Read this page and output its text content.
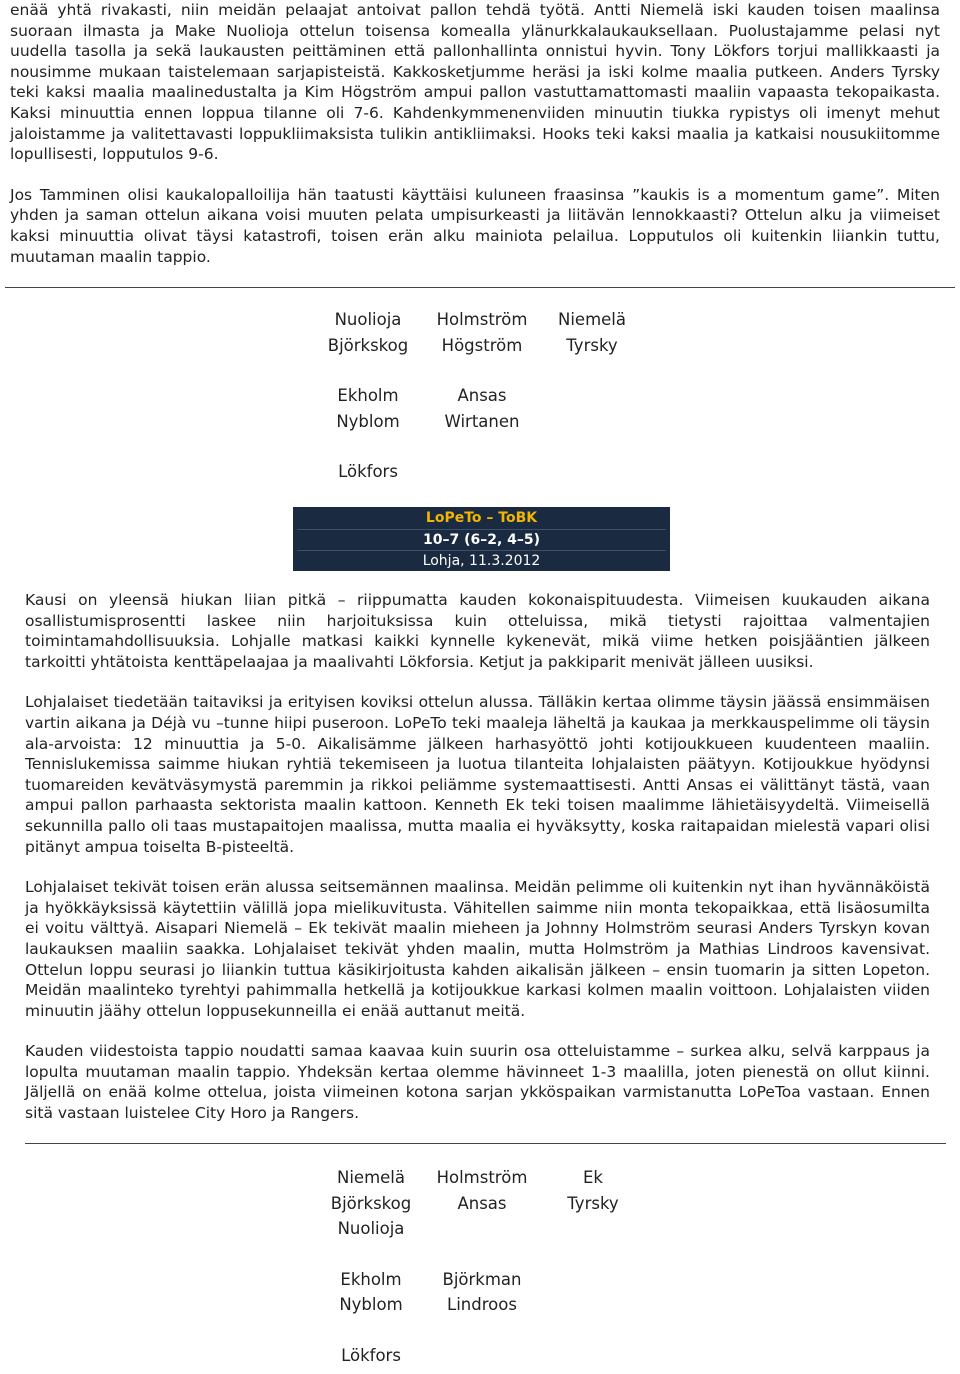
enää yhtä rivakasti, niin meidän pelaajat antoivat pallon tehdä työtä. Antti Niemelä iski kauden toisen maalinsa suoraan ilmasta ja Make Nuolioja ottelun toisensa komealla ylänurkkalaukauksellaan. Puolustajamme pelasi nyt uudella tasolla ja sekä laukausten peittäminen että pallonhallinta onnistui hyvin. Tony Lökfors torjui mallikkaasti ja nousimme mukaan taistelemaan sarjapisteistä. Kakkosketjumme heräsi ja iski kolme maalia putkeen. Anders Tyrsky teki kaksi maalia maalinedustalta ja Kim Högström ampui pallon vastuttamattomasti maaliin vapaasta tekopaikasta. Kaksi minuuttia ennen loppua tilanne oli 7-6. Kahdenkymmenenviiden minuutin tiukka rypistys oli imenyt mehut jaloistamme ja valitettavasti loppukliimaksista tulikin antikliimaksi. Hooks teki kaksi maalia ja katkaisi nousukiitomme lopullisesti, lopputulos 9-6.

Jos Tamminen olisi kaukalopalloilija hän taatusti käyttäisi kuluneen fraasinsa ”kaukis is a momentum game”. Miten yhden ja saman ottelun aikana voisi muuten pelata umpisurkeasti ja liitävän lennokkaasti? Ottelun alku ja viimeiset kaksi minuuttia olivat täysi katastrofi, toisen erän alku mainiota pelailua. Lopputulos oli kuitenkin liiankin tuttu, muutaman maalin tappio.

Nuolioja	Holmström	Niemelä
Björkskog	Högström	Tyrsky
Ekholm	Ansas
Nyblom	Wirtanen
Lökfors
LoPeTo – ToBK
10–7 (6–2, 4–5)
Lohja, 11.3.2012

Kausi on yleensä hiukan liian pitkä – riippumatta kauden kokonaispituudesta. Viimeisen kuukauden aikana osallistumisprosentti laskee niin harjoituksissa kuin otteluissa, mikä tietysti rajoittaa valmentajien toimintamahdollisuuksia. Lohjalle matkasi kaikki kynnelle kykenevät, mikä viime hetken poisjääntien jälkeen tarkoitti yhtätoista kenttäpelaajaa ja maalivahti Lökforsia. Ketjut ja pakkiparit menivät jälleen uusiksi.

Lohjalaiset tiedetään taitaviksi ja erityisen koviksi ottelun alussa. Tälläkin kertaa olimme täysin jäässä ensimmäisen vartin aikana ja Déjà vu –tunne hiipi puseroon. LoPeTo teki maaleja läheltä ja kaukaa ja merkkauspelimme oli täysin ala-arvoista: 12 minuuttia ja 5-0. Aikalisämme jälkeen harhasyöttö johti kotijoukkueen kuudenteen maaliin. Tennislukemissa saimme hiukan ryhtiä tekemiseen ja luotua tilanteita lohjalaisten päätyyn. Kotijoukkue hyödynsi tuomareiden kevätväsymystä paremmin ja rikkoi peliämme systemaattisesti. Antti Ansas ei välittänyt tästä, vaan ampui pallon parhaasta sektorista maalin kattoon. Kenneth Ek teki toisen maalimme lähietäisyydeltä. Viimeisellä sekunnilla pallo oli taas mustapaitojen maalissa, mutta maalia ei hyväksytty, koska raitapaidan mielestä vapari olisi pitänyt ampua toiselta B-pisteeltä.

Lohjalaiset tekivät toisen erän alussa seitsemännen maalinsa. Meidän pelimme oli kuitenkin nyt ihan hyvännäköistä ja hyökkäyksissä käytettiin välillä jopa mielikuvitusta. Vähitellen saimme niin monta tekopaikkaa, että lisäosumilta ei voitu välttyä. Aisapari Niemelä – Ek tekivät maalin mieheen ja Johnny Holmström seurasi Anders Tyrskyn kovan laukauksen maaliin saakka. Lohjalaiset tekivät yhden maalin, mutta Holmström ja Mathias Lindroos kavensivat. Ottelun loppu seurasi jo liiankin tuttua käsikirjoitusta kahden aikalisän jälkeen – ensin tuomarin ja sitten Lopeton. Meidän maalinteko tyrehtyi pahimmalla hetkellä ja kotijoukkue karkasi kolmen maalin voittoon. Lohjalaisten viiden minuutin jäähy ottelun loppusekunneilla ei enää auttanut meitä.

Kauden viidestoista tappio noudatti samaa kaavaa kuin suurin osa otteluistamme – surkea alku, selvä karppaus ja lopulta muutaman maalin tappio. Yhdeksän kertaa olemme hävinneet 1-3 maalilla, joten pienestä on ollut kiinni. Jäljellä on enää kolme ottelua, joista viimeinen kotona sarjan ykköspaikan varmistanutta LoPeToa vastaan. Ennen sitä vastaan luistelee City Horo ja Rangers.

Niemelä	Holmström	Ek
Björkskog	Ansas	Tyrsky
Nuolioja
Ekholm	Björkman
Nyblom	Lindroos
Lökfors
